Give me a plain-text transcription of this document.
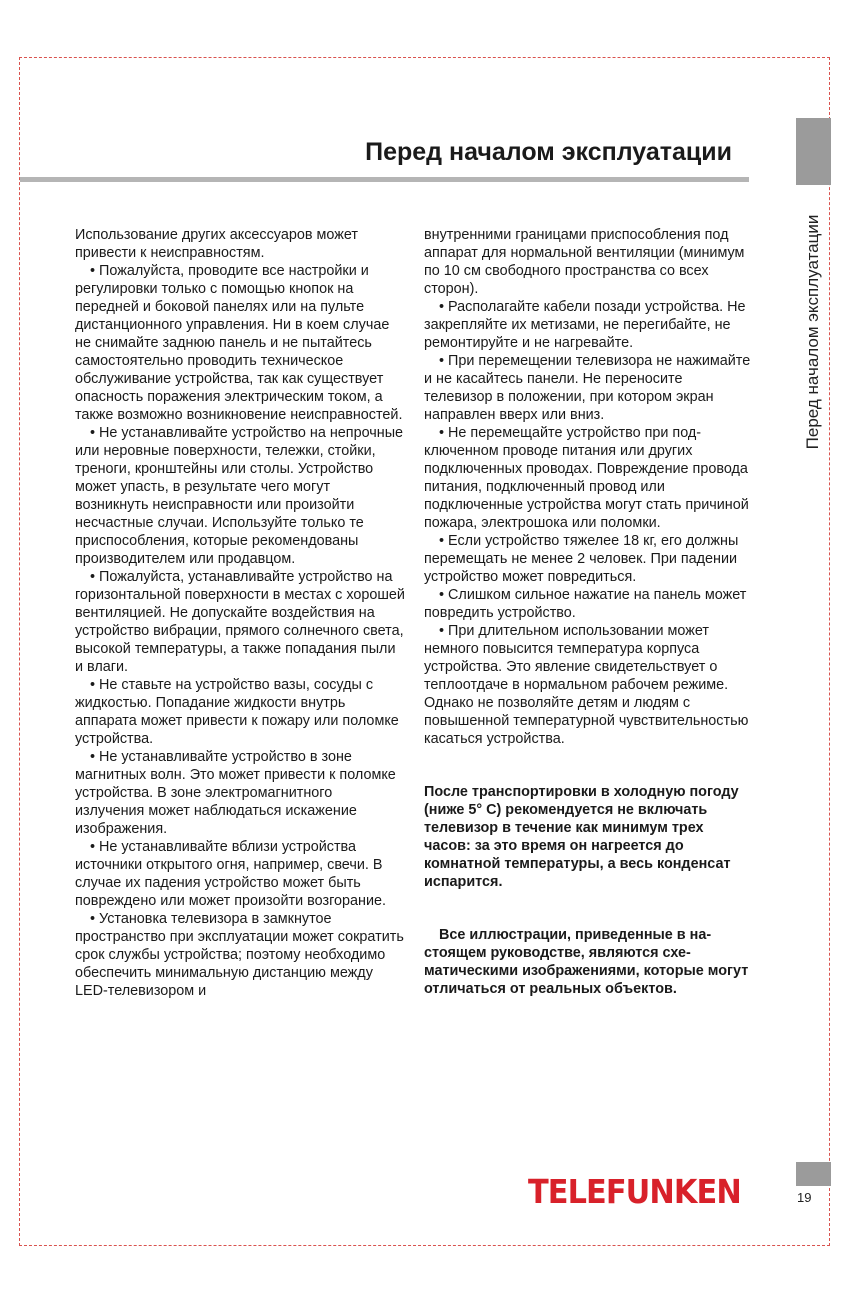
Перед началом эксплуатации
Перед началом эксплуатации

Использование других аксессуаров может привести к неисправностям.

• Пожалуйста, проводите все настройки и регулировки только с помощью кнопок на передней и боковой панелях или на пульте дистанционного управления. Ни в коем случае не снимайте заднюю панель и не пытайтесь самостоятельно проводить техническое обслуживание устройства, так как существует опасность поражения электрическим током, а также возможно возникновение неисправностей.

• Не устанавливайте устройство на непрочные или неровные поверхности, тележки, стойки, треноги, кронштейны или столы. Устройство может упасть, в результате чего могут возникнуть неисправности или произойти несчастные случаи. Используйте только те приспособления, которые рекомендованы производителем или продавцом.

• Пожалуйста, устанавливайте устройство на горизонтальной поверхности в местах с хорошей вентиляцией. Не допускайте воздействия на устройство вибрации, прямого солнечного света, высокой температуры, а также попадания пыли и влаги.

• Не ставьте на устройство вазы, сосуды с жидкостью. Попадание жидкости внутрь аппарата может привести к пожару или поломке устройства.

• Не устанавливайте устройство в зоне магнитных волн. Это может привести к поломке устройства. В зоне электромагнитного излучения может наблюдаться искажение изображения.

• Не устанавливайте вблизи устройства источники открытого огня, например, свечи. В случае их падения устройство может быть повреждено или может произойти возгорание.

• Установка телевизора в замкнутое пространство при эксплуатации может сократить срок службы устройства; поэтому необходимо обеспечить минимальную дистанцию между LED-телевизором и

внутренними границами приспособления под аппарат для нормальной вентиляции (минимум по 10 см свободного пространства со всех сторон).

• Располагайте кабели позади устройства. Не закрепляйте их метизами, не перегибайте, не ремонтируйте и не нагревайте.

• При перемещении телевизора не нажимайте и не касайтесь панели. Не переносите телевизор в положении, при котором экран направлен вверх или вниз.

• Не перемещайте устройство при подключенном проводе питания или других подключенных проводах. Повреждение провода питания, подключенный провод или подключенные устройства могут стать причиной пожара, электрошока или поломки.

• Если устройство тяжелее 18 кг, его должны перемещать не менее 2 человек. При падении устройство может повредиться.

• Слишком сильное нажатие на панель может повредить устройство.

• При длительном использовании может немного повысится температура корпуса устройства. Это явление свидетельствует о теплоотдаче в нормальном рабочем режиме. Однако не позволяйте детям и людям с повышенной температурной чувствительностью касаться устройства.

После транспортировки в холодную погоду (ниже 5° С) рекомендуется не включать телевизор в течение как минимум трех часов: за это время он нагреется до комнатной температуры, а весь конденсат испарится.
Все иллюстрации, приведенные в настоящем руководстве, являются схематическими изображениями, которые могут отличаться от реальных объектов.
TELEFUNKEN	19
